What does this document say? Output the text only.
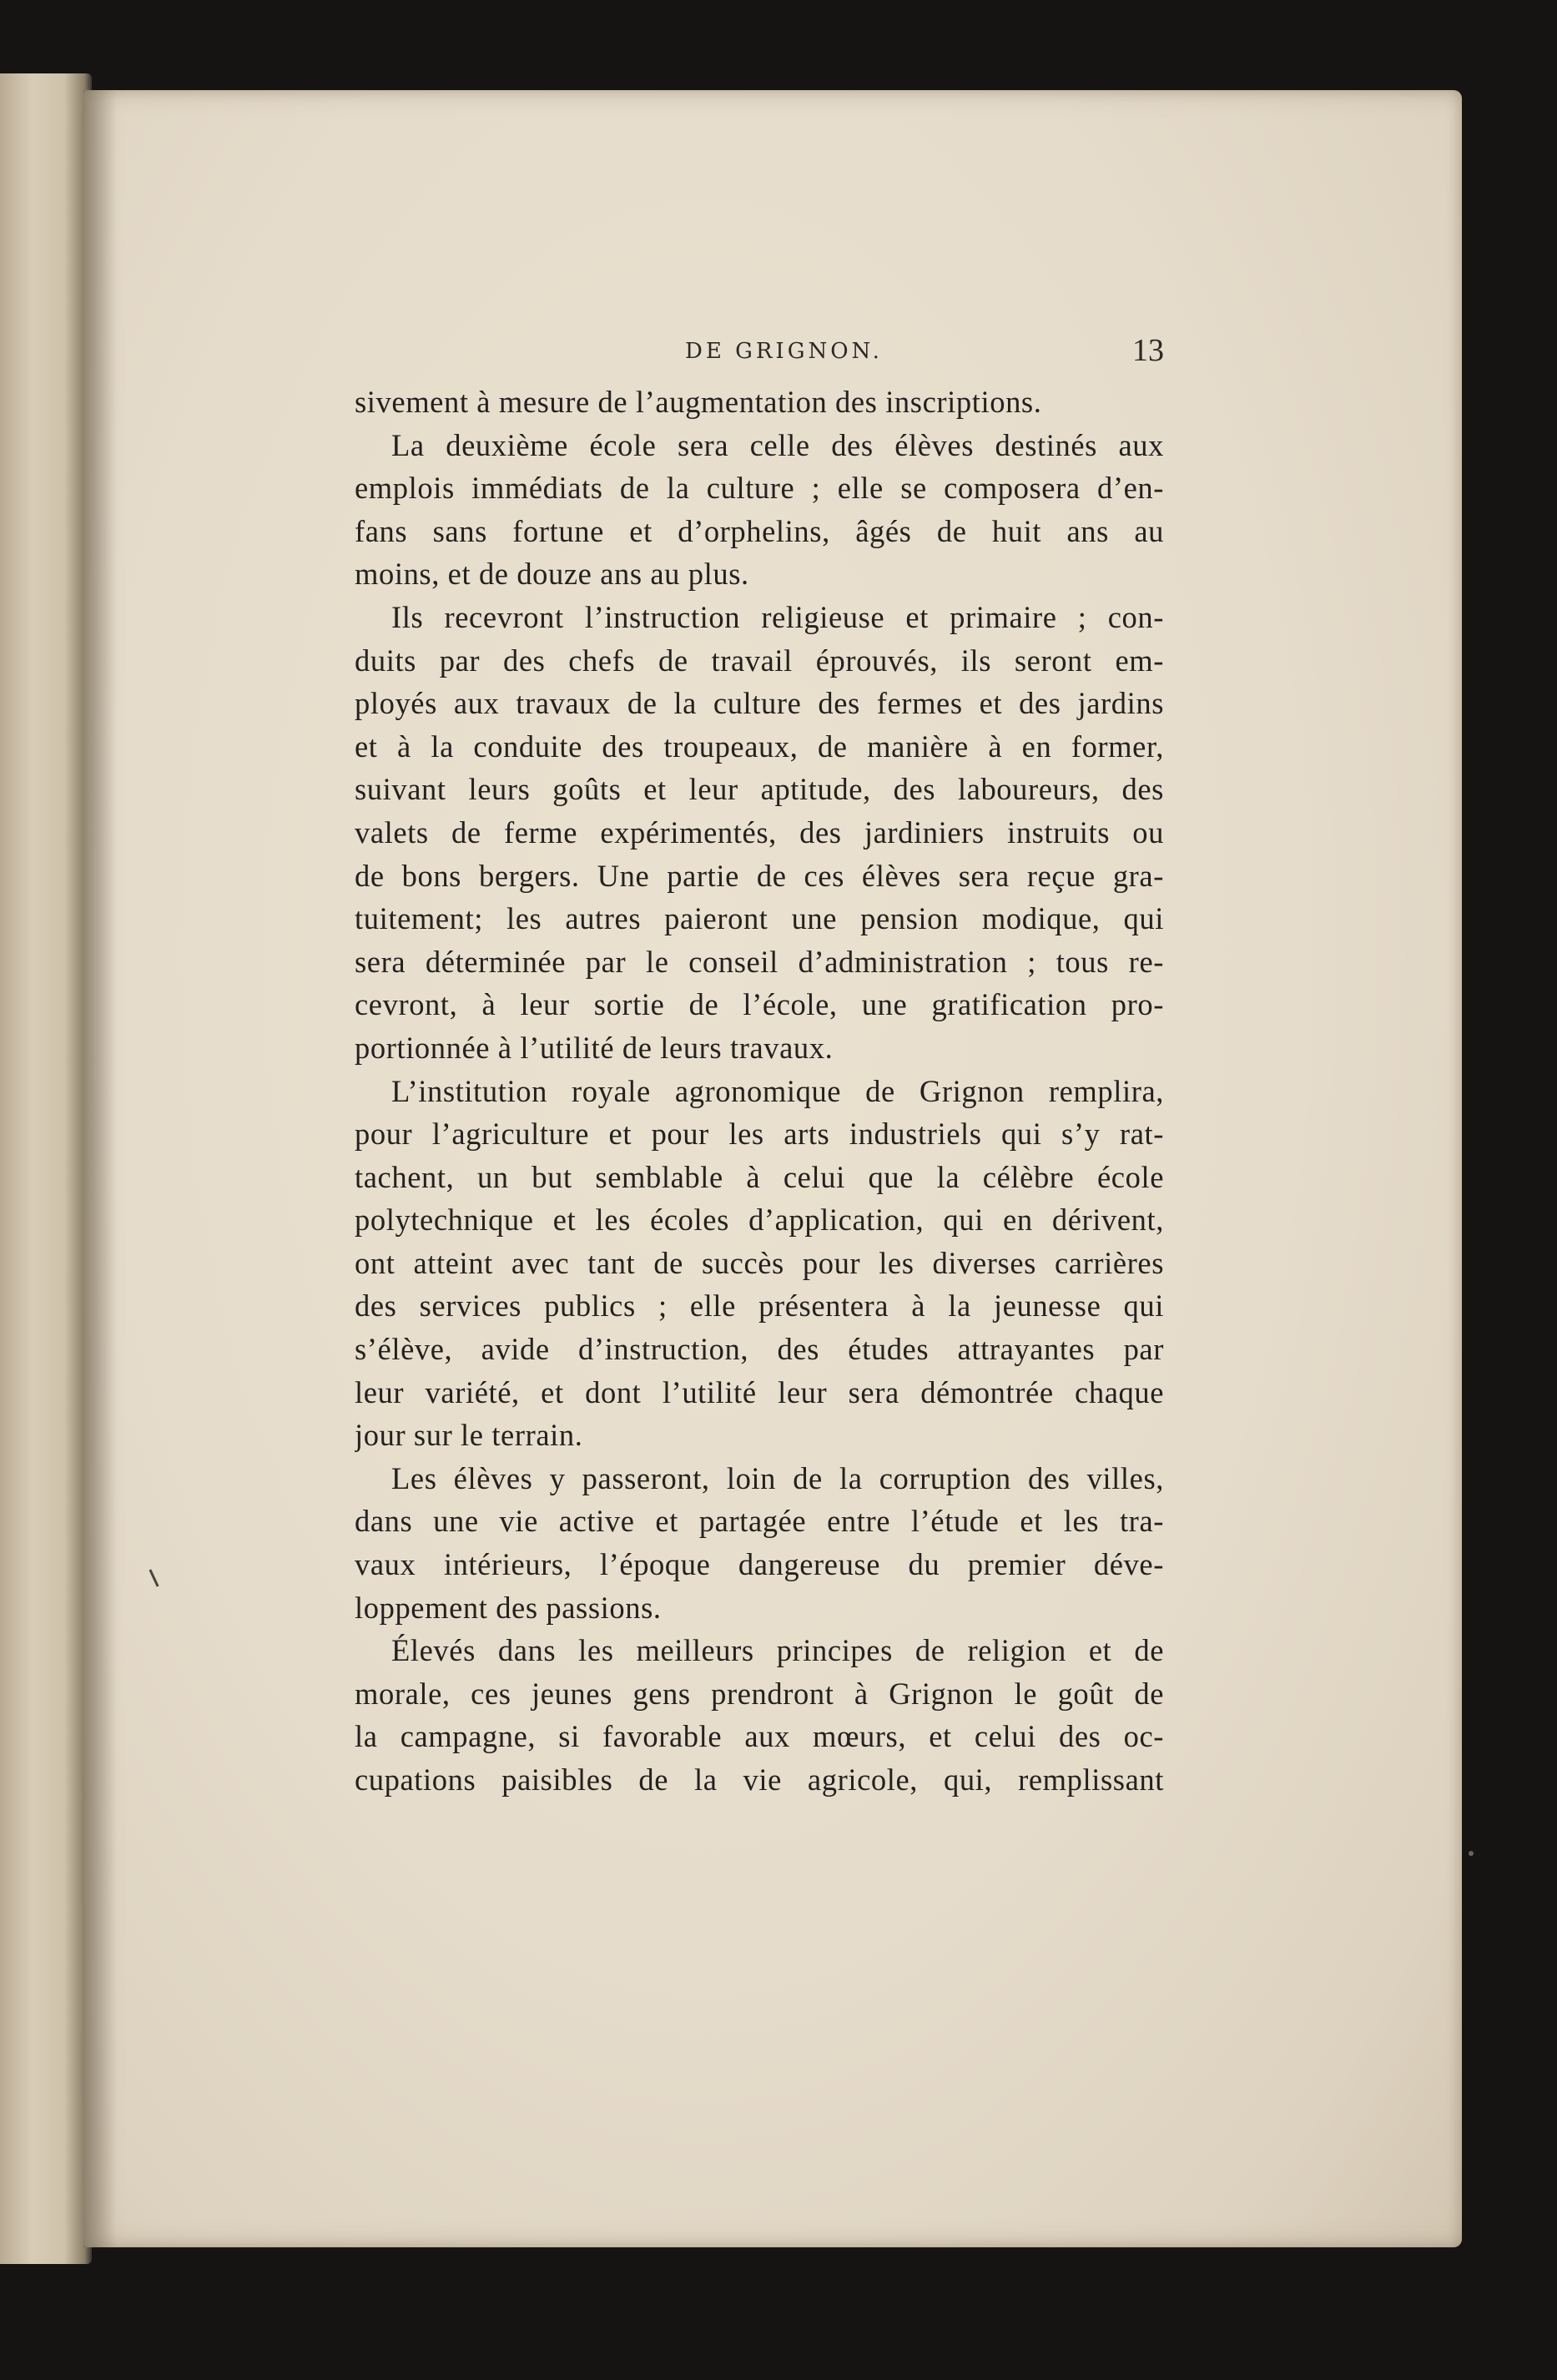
DE GRIGNON.	13
sivement à mesure de l’augmentation des inscriptions.
La deuxième école sera celle des élèves destinés aux
emplois immédiats de la culture ; elle se composera d’en-
fans sans fortune et d’orphelins, âgés de huit ans au
moins, et de douze ans au plus.
Ils recevront l’instruction religieuse et primaire ; con-
duits par des chefs de travail éprouvés, ils seront em-
ployés aux travaux de la culture des fermes et des jardins
et à la conduite des troupeaux, de manière à en former,
suivant leurs goûts et leur aptitude, des laboureurs, des
valets de ferme expérimentés, des jardiniers instruits ou
de bons bergers. Une partie de ces élèves sera reçue gra-
tuitement; les autres paieront une pension modique, qui
sera déterminée par le conseil d’administration ; tous re-
cevront, à leur sortie de l’école, une gratification pro-
portionnée à l’utilité de leurs travaux.
L’institution royale agronomique de Grignon remplira,
pour l’agriculture et pour les arts industriels qui s’y rat-
tachent, un but semblable à celui que la célèbre école
polytechnique et les écoles d’application, qui en dérivent,
ont atteint avec tant de succès pour les diverses carrières
des services publics ; elle présentera à la jeunesse qui
s’élève, avide d’instruction, des études attrayantes par
leur variété, et dont l’utilité leur sera démontrée chaque
jour sur le terrain.
Les élèves y passeront, loin de la corruption des villes,
dans une vie active et partagée entre l’étude et les tra-
vaux intérieurs, l’époque dangereuse du premier déve-
loppement des passions.
Élevés dans les meilleurs principes de religion et de
morale, ces jeunes gens prendront à Grignon le goût de
la campagne, si favorable aux mœurs, et celui des oc-
cupations paisibles de la vie agricole, qui, remplissant
